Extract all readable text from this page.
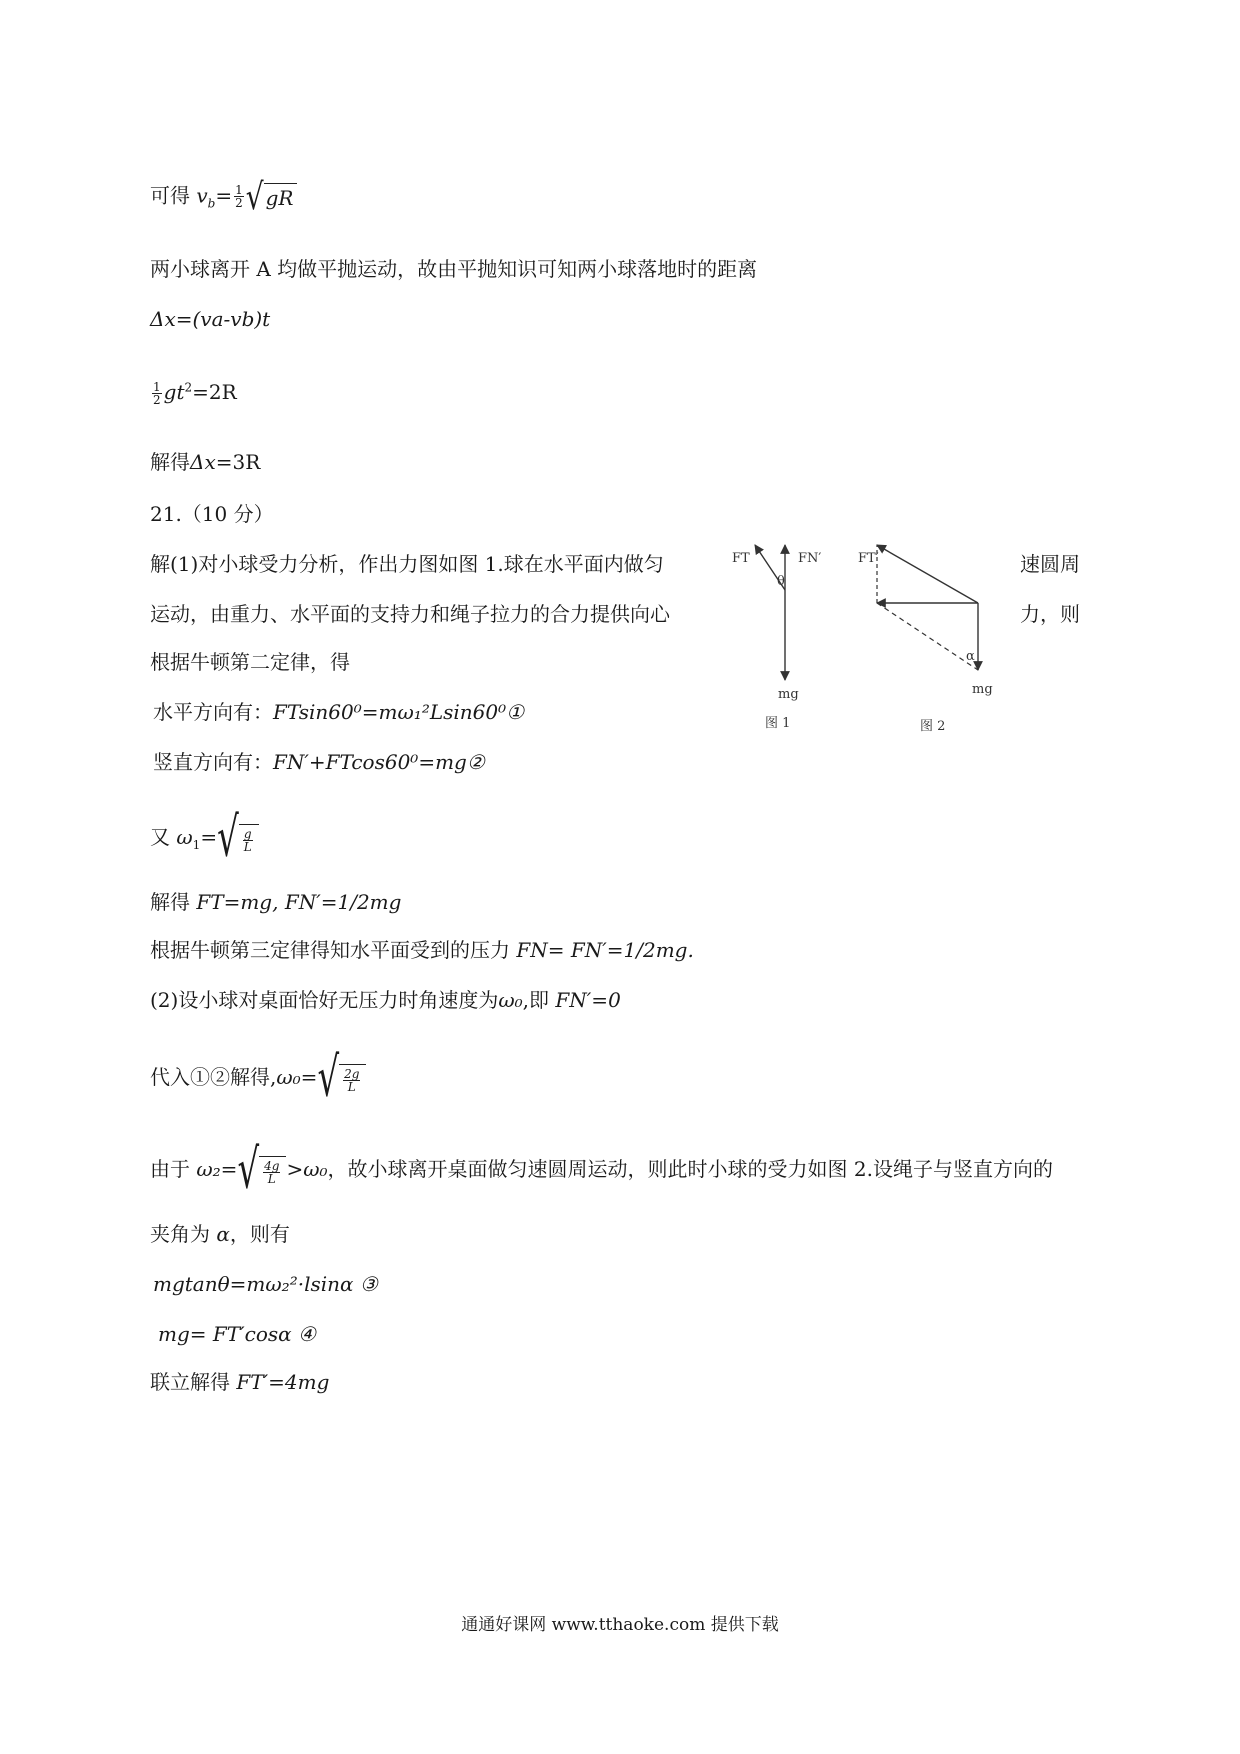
可得 $v_b= \frac{1}{2}$ √ gR
两小球离开 A 均做平抛运动，故由平抛知识可知两小球落地时的距离
Δx=(va-vb)t
$\frac{1}{2} gt^2=2R$
解得Δx=3R
21.（10 分）
解(1)对小球受力分析，作出力图如图 1.球在水平面内做匀	速圆周
运动，由重力、水平面的支持力和绳子拉力的合力提供向心	力，则
根据牛顿第二定律，得
水平方向有：FTsin60⁰=mω₁²Lsin60⁰①
竖直方向有：FN′+FTcos60⁰=mg②
又 $\omega_1=√ \frac{g}{L}$
解得 FT=mg, FN′=1/2mg
根据牛顿第三定律得知水平面受到的压力 FN= FN′=1/2mg.
(2)设小球对桌面恰好无压力时角速度为ω₀,即 FN′=0
代入①②解得$,\omega_0=√ \frac{2g}{L}$
由于 $\omega_2=√ \frac{4g}{L} >\omega_0$，故小球离开桌面做匀速圆周运动，则此时小球的受力如图 2.设绳子与竖直方向的
夹角为 α，则有
mgtanθ=mω₂²·lsinα ③
mg= FT′cosα ④
联立解得 FT′=4mg
FT	FN′
θ
mg
图 1
FT′
α
mg
图 2
通通好课网 www.tthaoke.com 提供下载
